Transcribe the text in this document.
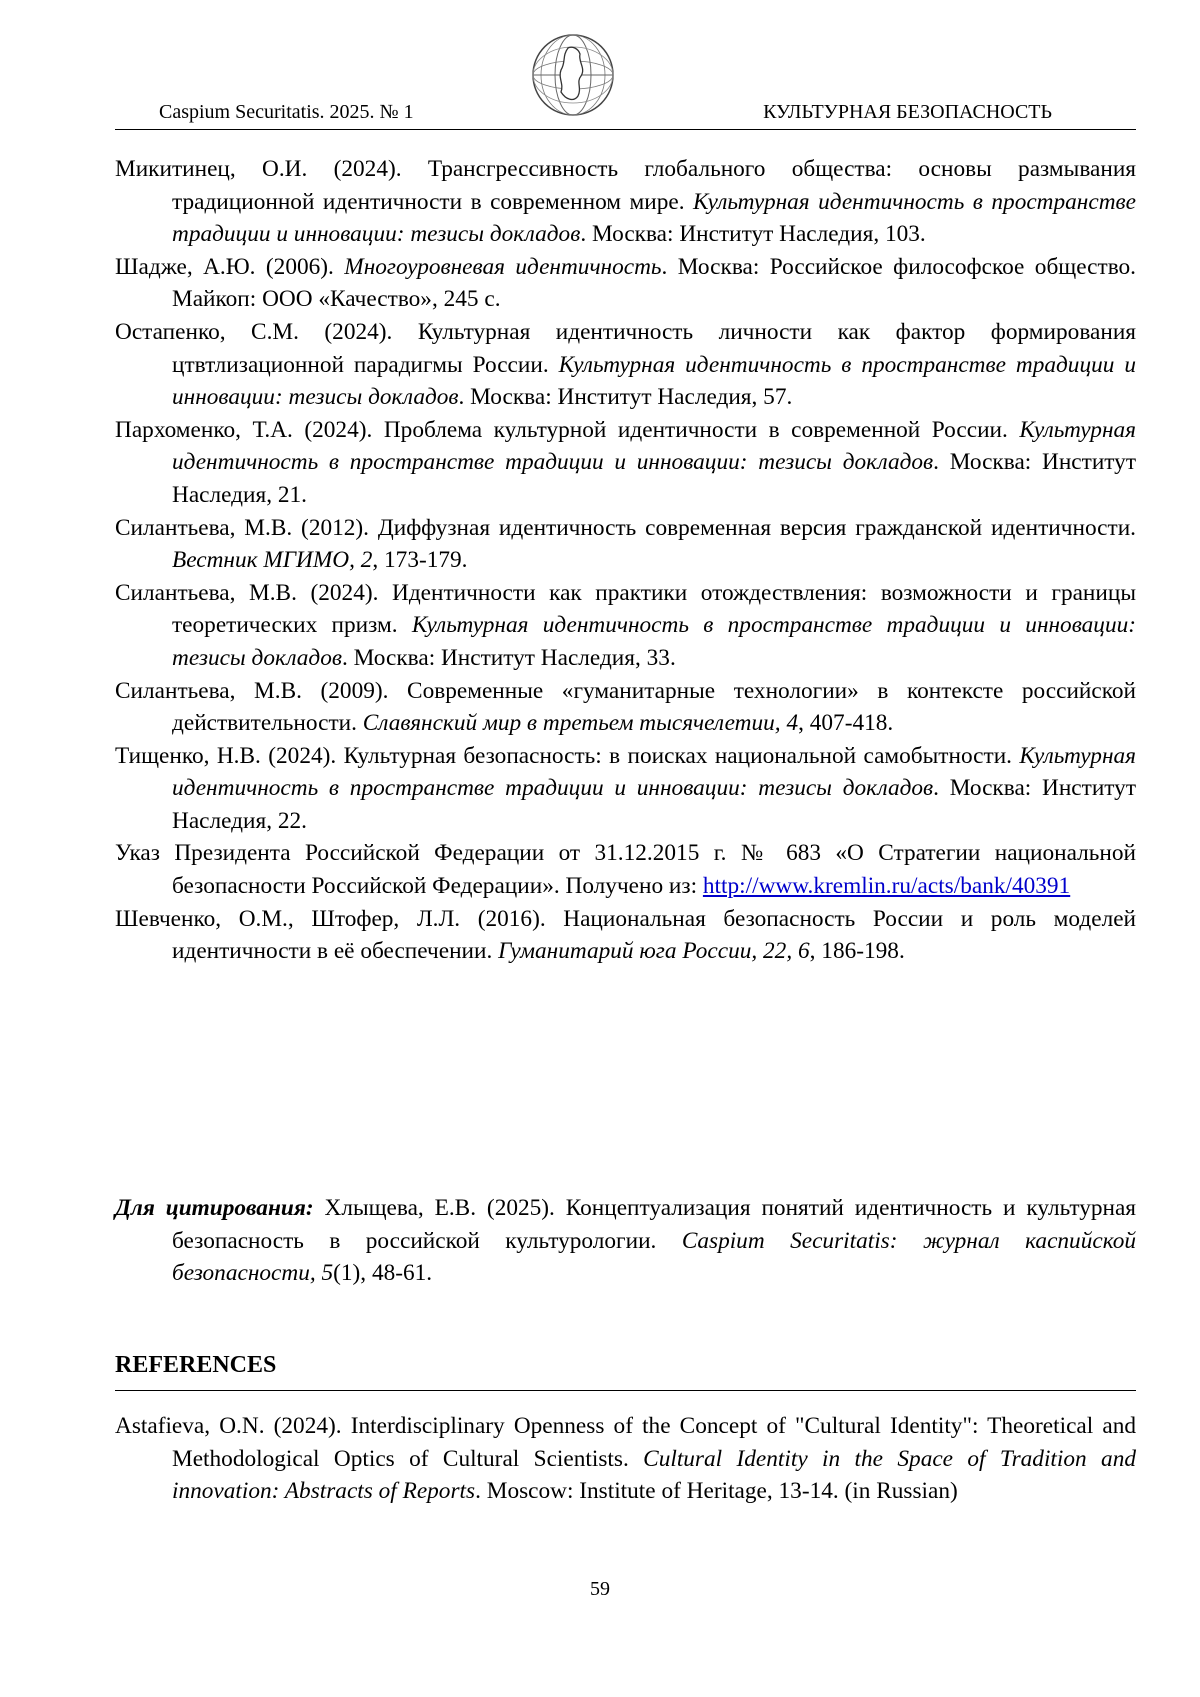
Caspium Securitatis. 2025. № 1	КУЛЬТУРНАЯ БЕЗОПАСНОСТЬ

Микитинец, О.И. (2024). Трансгрессивность глобального общества: основы размывания традиционной идентичности в современном мире. Культурная идентичность в пространстве традиции и инновации: тезисы докладов. Москва: Институт Наследия, 103.

Шадже, А.Ю. (2006). Многоуровневая идентичность. Москва: Российское философское общество. Майкоп: ООО «Качество», 245 с.

Остапенко, С.М. (2024). Культурная идентичность личности как фактор формирования цтвтлизационной парадигмы России. Культурная идентичность в пространстве традиции и инновации: тезисы докладов. Москва: Институт Наследия, 57.

Пархоменко, Т.А. (2024). Проблема культурной идентичности в современной России. Культурная идентичность в пространстве традиции и инновации: тезисы докладов. Москва: Институт Наследия, 21.

Силантьева, М.В. (2012). Диффузная идентичность современная версия гражданской идентичности. Вестник МГИМО, 2, 173-179.

Силантьева, М.В. (2024). Идентичности как практики отождествления: возможности и границы теоретических призм. Культурная идентичность в пространстве традиции и инновации: тезисы докладов. Москва: Институт Наследия, 33.

Силантьева, М.В. (2009). Современные «гуманитарные технологии» в контексте российской действительности. Славянский мир в третьем тысячелетии, 4, 407-418.

Тищенко, Н.В. (2024). Культурная безопасность: в поисках национальной самобытности. Культурная идентичность в пространстве традиции и инновации: тезисы докладов. Москва: Институт Наследия, 22.

Указ Президента Российской Федерации от 31.12.2015 г. № 683 «О Стратегии национальной безопасности Российской Федерации». Получено из: http://www.kremlin.ru/acts/bank/40391

Шевченко, О.М., Штофер, Л.Л. (2016). Национальная безопасность России и роль моделей идентичности в её обеспечении. Гуманитарий юга России, 22, 6, 186-198.

Для цитирования: Хлыщева, Е.В. (2025). Концептуализация понятий идентичность и культурная безопасность в российской культурологии. Caspium Securitatis: журнал каспийской безопасности, 5(1), 48-61.

REFERENCES

Astafieva, O.N. (2024). Interdisciplinary Openness of the Concept of "Cultural Identity": Theoretical and Methodological Optics of Cultural Scientists. Cultural Identity in the Space of Tradition and innovation: Abstracts of Reports. Moscow: Institute of Heritage, 13-14. (in Russian)

59
